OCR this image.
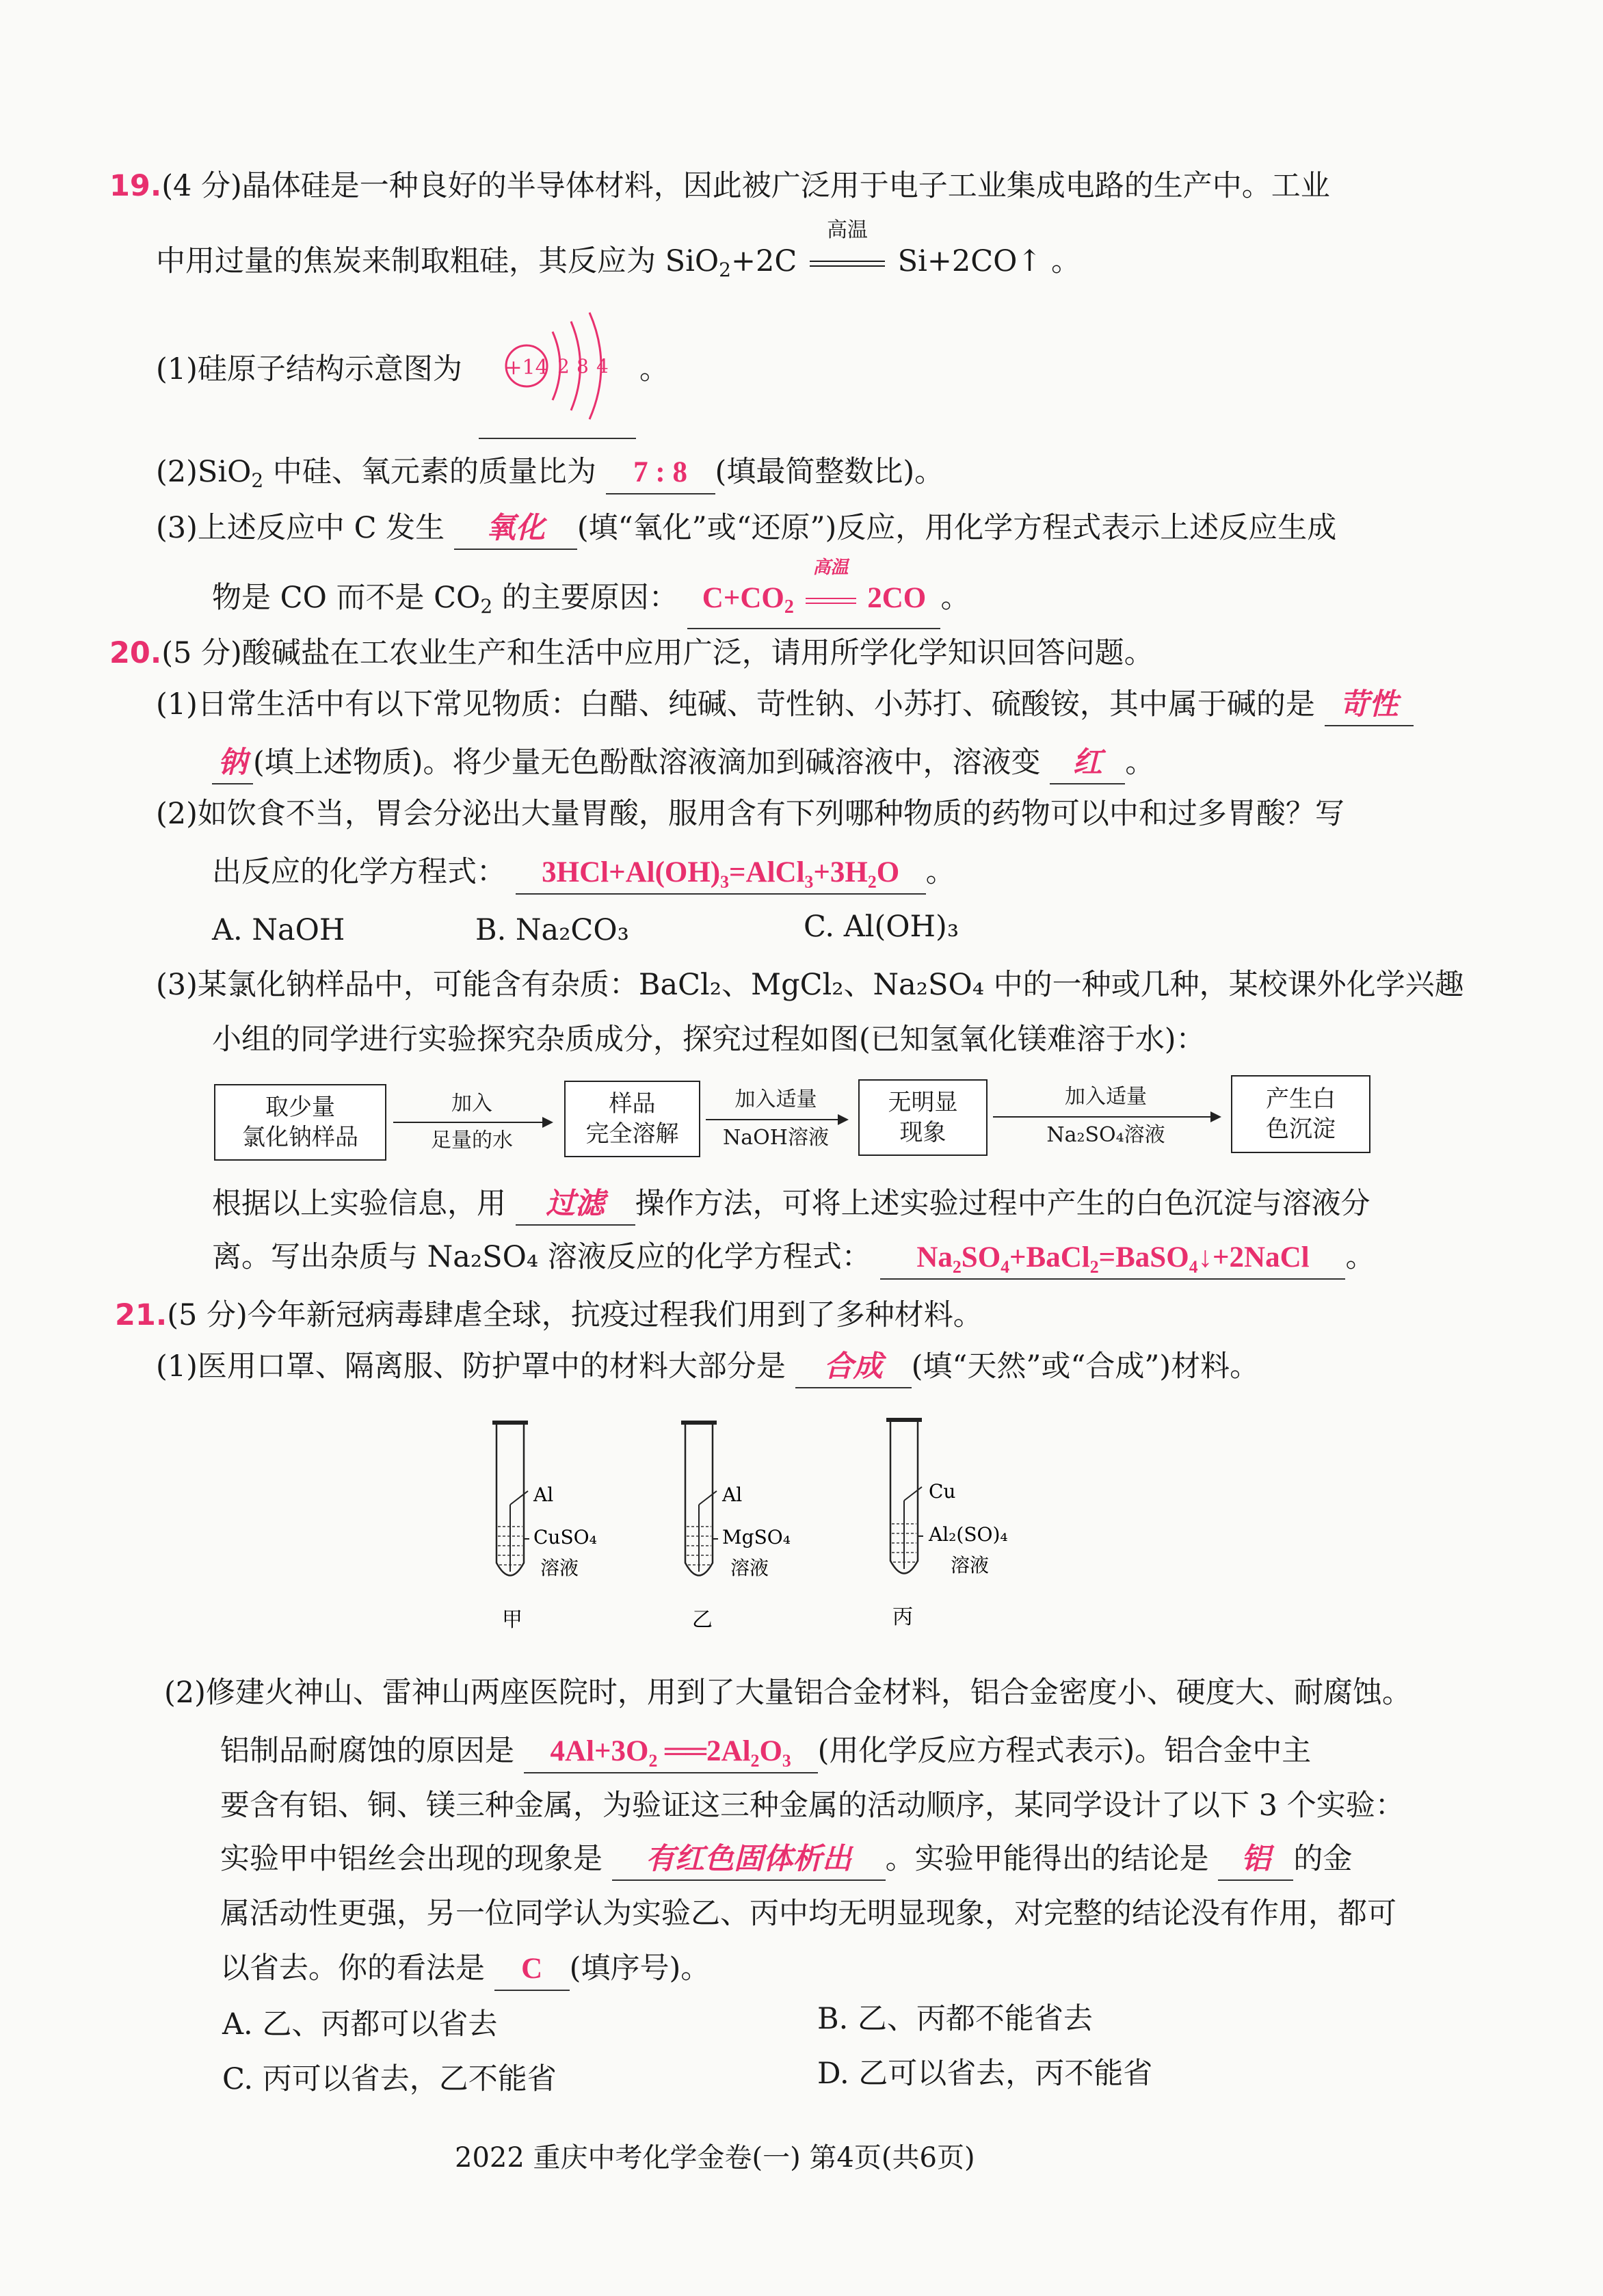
19.(4 分)晶体硅是一种良好的半导体材料，因此被广泛用于电子工业集成电路的生产中。工业
中用过量的焦炭来制取粗硅，其反应为 SiO$_2$+2C
高温
Si+2CO↑ 。
(1)硅原子结构示意图为 +14 2 8 4 。
(2)SiO$_2$ 中硅、氧元素的质量比为 7 : 8 (填最简整数比)。
(3)上述反应中 C 发生 氧化 (填“氧化”或“还原”)反应，用化学方程式表示上述反应生成
物是 CO 而不是 $CO_2$ 的主要原因： $C+CO_2$
高温
2CO 。
20.(5 分)酸碱盐在工农业生产和生活中应用广泛，请用所学化学知识回答问题。
(1)日常生活中有以下常见物质：白醋、纯碱、苛性钠、小苏打、硫酸铵，其中属于碱的是 苛性
钠 (填上述物质)。将少量无色酚酞溶液滴加到碱溶液中，溶液变 红 。
(2)如饮食不当，胃会分泌出大量胃酸，服用含有下列哪种物质的药物可以中和过多胃酸？写
出反应的化学方程式： 3HCl+Al(OH)₃=AlCl₃+3H₂O 。
A. NaOH	B. Na₂CO₃	C. Al(OH)₃
(3)某氯化钠样品中，可能含有杂质：BaCl₂、MgCl₂、Na₂SO₄ 中的一种或几种，某校课外化学兴趣
小组的同学进行实验探究杂质成分，探究过程如图(已知氢氧化镁难溶于水)：
取少量
氯化钠样品
加入
足量的水
样品
完全溶解
加入适量
NaOH溶液
无明显
现象
加入适量
Na₂SO₄溶液
产生白
色沉淀
根据以上实验信息，用 过滤 操作方法，可将上述实验过程中产生的白色沉淀与溶液分
离。写出杂质与 Na₂SO₄ 溶液反应的化学方程式： Na₂SO₄+BaCl₂=BaSO₄↓+2NaCl 。
21.(5 分)今年新冠病毒肆虐全球，抗疫过程我们用到了多种材料。
(1)医用口罩、隔离服、防护罩中的材料大部分是 合成 (填“天然”或“合成”)材料。
Al
CuSO₄
溶液
甲
Al
MgSO₄
溶液
乙
Cu
Al₂(SO)₄
溶液
丙
(2)修建火神山、雷神山两座医院时，用到了大量铝合金材料，铝合金密度小、硬度大、耐腐蚀。
铝制品耐腐蚀的原因是 4Al+3O₂ ══2Al₂O₃ (用化学反应方程式表示)。铝合金中主
要含有铝、铜、镁三种金属，为验证这三种金属的活动顺序，某同学设计了以下 3 个实验：
实验甲中铝丝会出现的现象是 有红色固体析出 。实验甲能得出的结论是 铝 的金
属活动性更强，另一位同学认为实验乙、丙中均无明显现象，对完整的结论没有作用，都可
以省去。你的看法是 C (填序号)。
A. 乙、丙都可以省去	B. 乙、丙都不能省去
C. 丙可以省去，乙不能省	D. 乙可以省去，丙不能省
2022 重庆中考化学金卷(一) 第4页(共6页)
